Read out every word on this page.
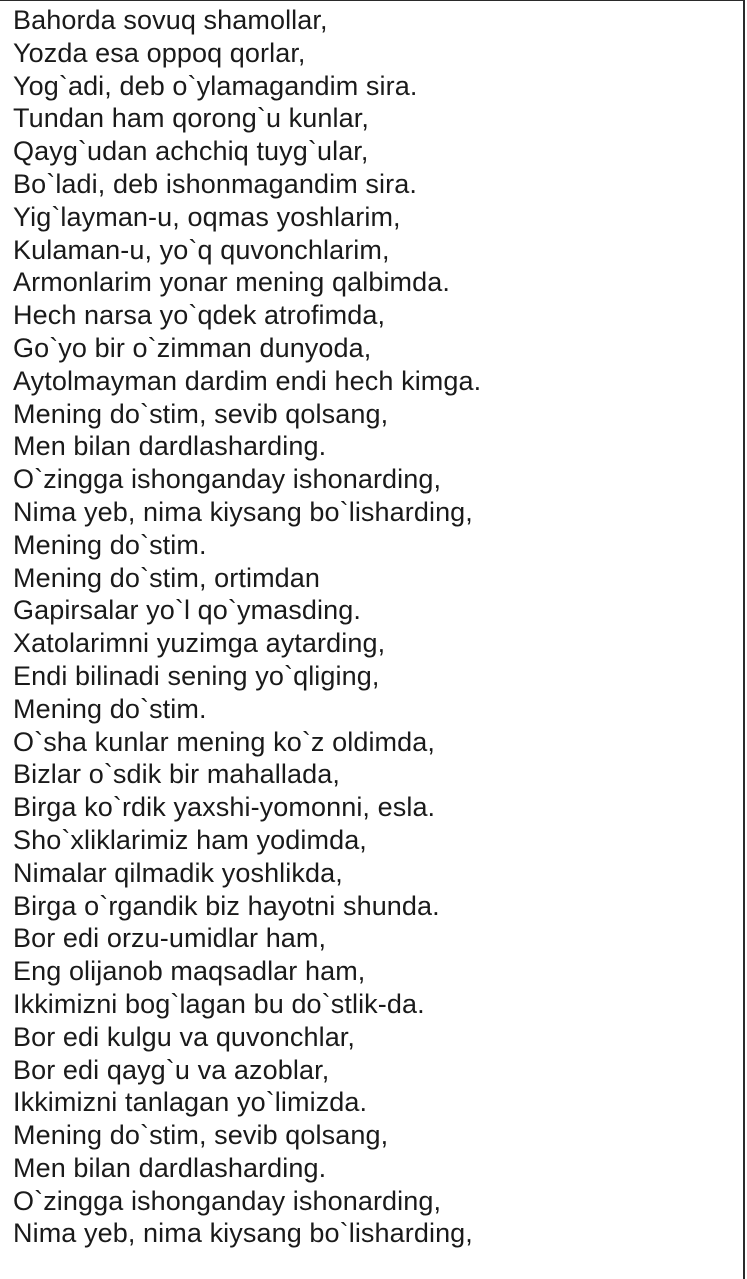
Bahorda sovuq shamollar,
Yozda esa oppoq qorlar,
Yog`adi, deb o`ylamagandim sira.
Tundan ham qorong`u kunlar,
Qayg`udan achchiq tuyg`ular,
Bo`ladi, deb ishonmagandim sira.
Yig`layman-u, oqmas yoshlarim,
Kulaman-u, yo`q quvonchlarim,
Armonlarim yonar mening qalbimda.
Hech narsa yo`qdek atrofimda,
Go`yo bir o`zimman dunyoda,
Aytolmayman dardim endi hech kimga.
Mening do`stim, sevib qolsang,
Men bilan dardlasharding.
O`zingga ishonganday ishonarding,
Nima yeb, nima kiysang bo`lisharding,
Mening do`stim.
Mening do`stim, ortimdan
Gapirsalar yo`l qo`ymasding.
Xatolarimni yuzimga aytarding,
Endi bilinadi sening yo`qliging,
Mening do`stim.
O`sha kunlar mening ko`z oldimda,
Bizlar o`sdik bir mahallada,
Birga ko`rdik yaxshi-yomonni, esla.
Sho`xliklarimiz ham yodimda,
Nimalar qilmadik yoshlikda,
Birga o`rgandik biz hayotni shunda.
Bor edi orzu-umidlar ham,
Eng olijanob maqsadlar ham,
Ikkimizni bog`lagan bu do`stlik-da.
Bor edi kulgu va quvonchlar,
Bor edi qayg`u va azoblar,
Ikkimizni tanlagan yo`limizda.
Mening do`stim, sevib qolsang,
Men bilan dardlasharding.
O`zingga ishonganday ishonarding,
Nima yeb, nima kiysang bo`lisharding,
